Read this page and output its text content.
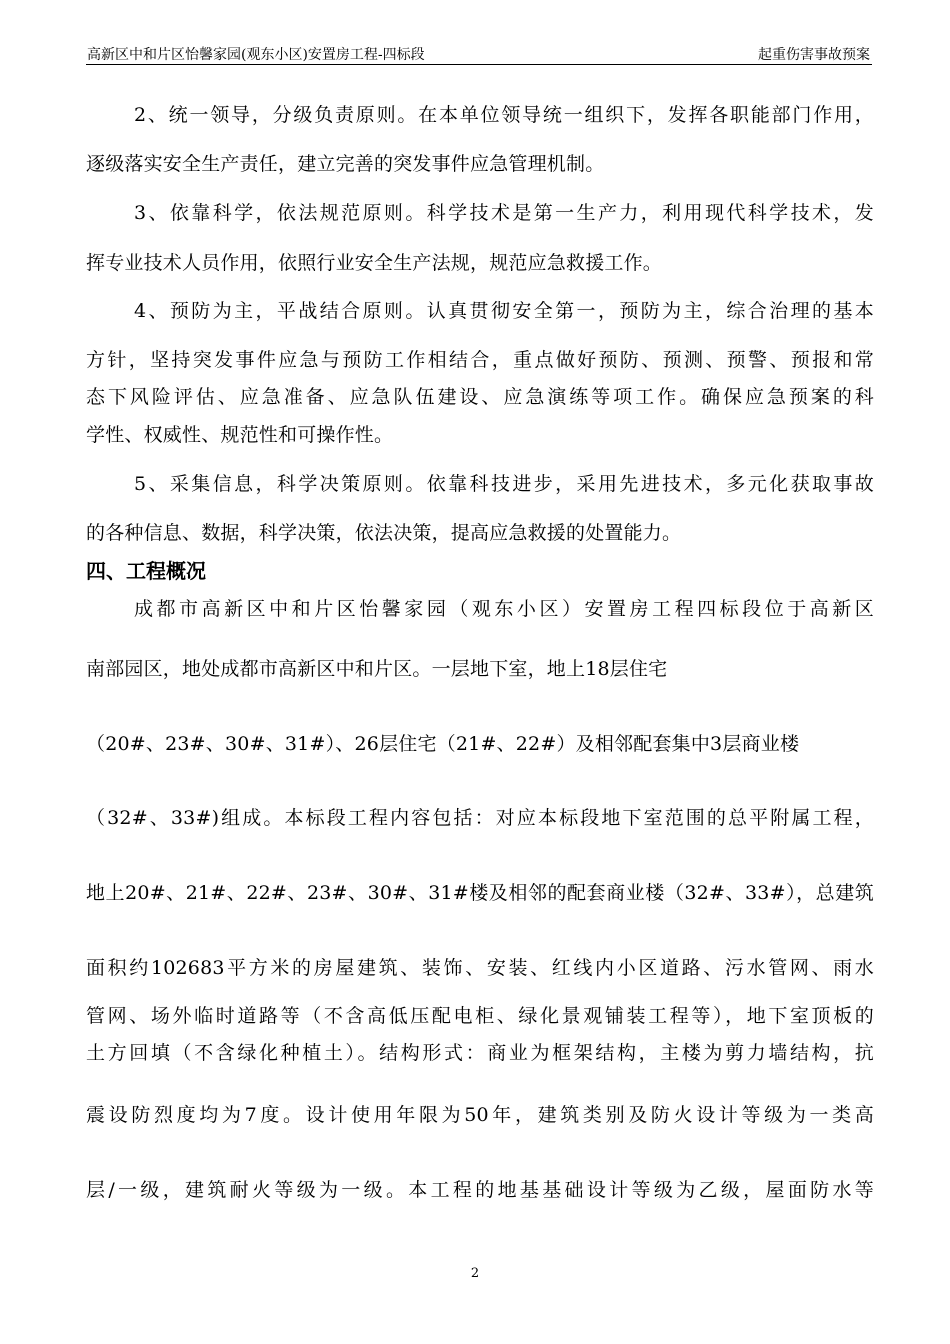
高新区中和片区怡馨家园(观东小区)安置房工程-四标段	起重伤害事故预案
2、统一领导，分级负责原则。在本单位领导统一组织下，发挥各职能部门作用，
逐级落实安全生产责任，建立完善的突发事件应急管理机制。
3、依靠科学，依法规范原则。科学技术是第一生产力，利用现代科学技术，发
挥专业技术人员作用，依照行业安全生产法规，规范应急救援工作。
4、预防为主，平战结合原则。认真贯彻安全第一，预防为主，综合治理的基本
方针，坚持突发事件应急与预防工作相结合，重点做好预防、预测、预警、预报和常
态下风险评估、应急准备、应急队伍建设、应急演练等项工作。确保应急预案的科
学性、权威性、规范性和可操作性。
5、采集信息，科学决策原则。依靠科技进步，采用先进技术，多元化获取事故
的各种信息、数据，科学决策，依法决策，提高应急救援的处置能力。
四、工程概况
成都市高新区中和片区怡馨家园（观东小区）安置房工程四标段位于高新区
南部园区，地处成都市高新区中和片区。一层地下室，地上18层住宅
（20#、23#、30#、31#）、26层住宅（21#、22#）及相邻配套集中3层商业楼
（32#、33#)组成。本标段工程内容包括：对应本标段地下室范围的总平附属工程，
地上20#、21#、22#、23#、30#、31#楼及相邻的配套商业楼（32#、33#），总建筑
面积约102683平方米的房屋建筑、装饰、安装、红线内小区道路、污水管网、雨水
管网、场外临时道路等（不含高低压配电柜、绿化景观铺装工程等），地下室顶板的
土方回填（不含绿化种植土）。结构形式：商业为框架结构，主楼为剪力墙结构，抗
震设防烈度均为7度。设计使用年限为50年，建筑类别及防火设计等级为一类高
层/一级，建筑耐火等级为一级。本工程的地基基础设计等级为乙级，屋面防水等
2
